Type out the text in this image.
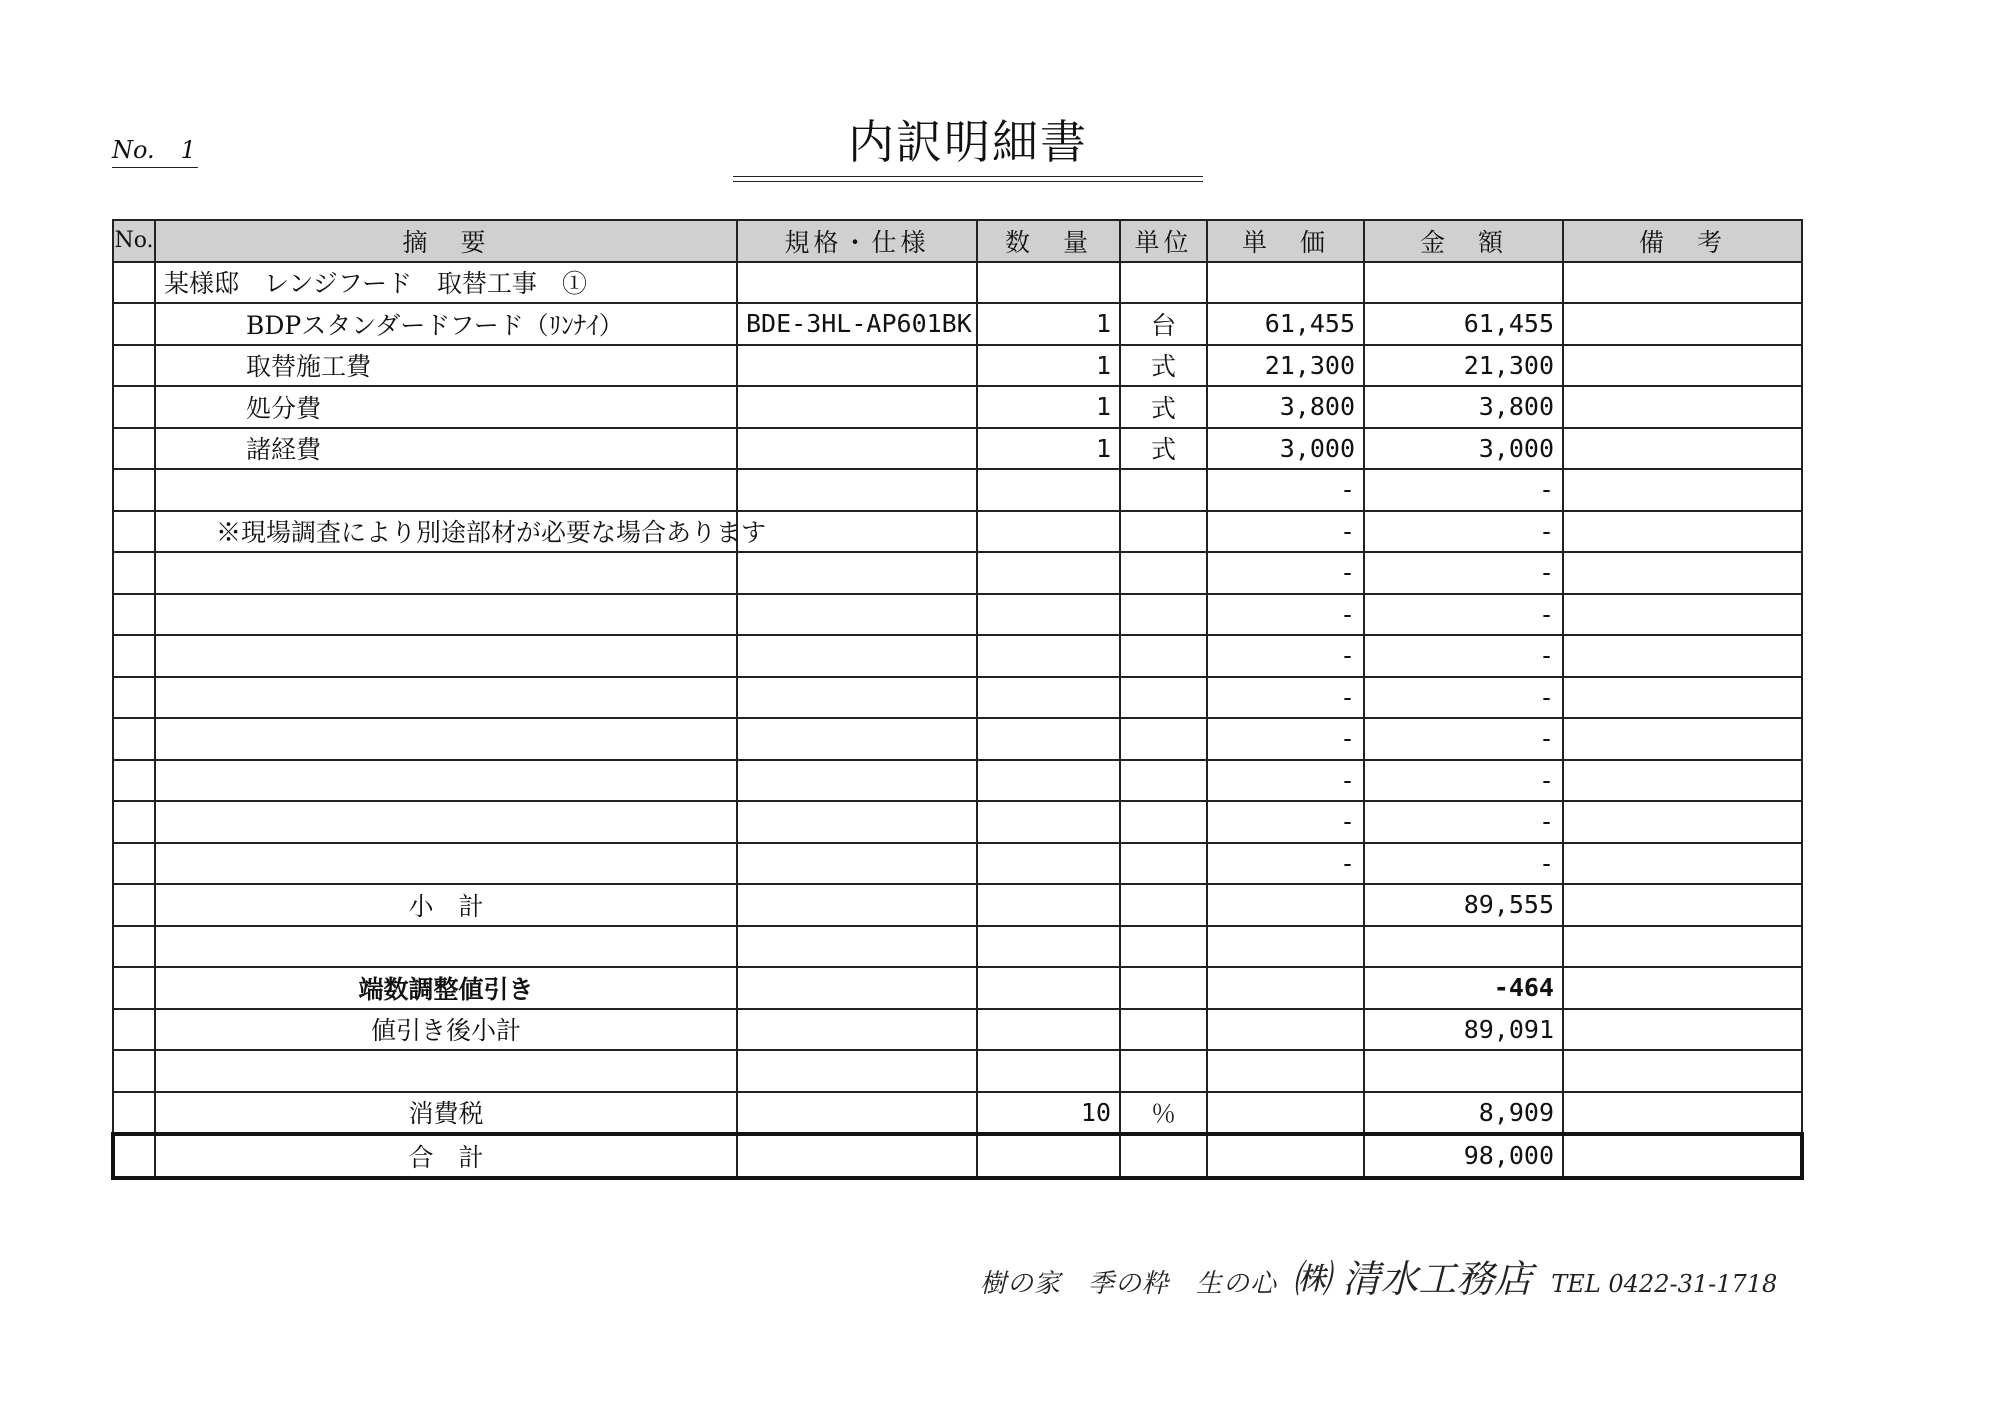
No. 1	内訳明細書
No.	摘　要	規格・仕様	数　量	単位	単　価	金　額	備　考
	某様邸　レンジフード　取替工事　①						
	BDPスタンダードフード（ﾘﾝﾅｲ）	BDE-3HL-AP601BK	1	台	61,455	61,455	
	取替施工費		1	式	21,300	21,300	
	処分費		1	式	3,800	3,800	
	諸経費		1	式	3,000	3,000	
					-	-	
	※現場調査により別途部材が必要な場合あります				-	-	
					-	-	
					-	-	
					-	-	
					-	-	
					-	-	
					-	-	
					-	-	
					-	-	
	小　計					89,555	

	端数調整値引き					-464	
	値引き後小計					89,091	

	消費税		10	％		8,909	
	合　計					98,000	
樹の家　季の粋　生の心 ㈱ 清水工務店 TEL 0422-31-1718
